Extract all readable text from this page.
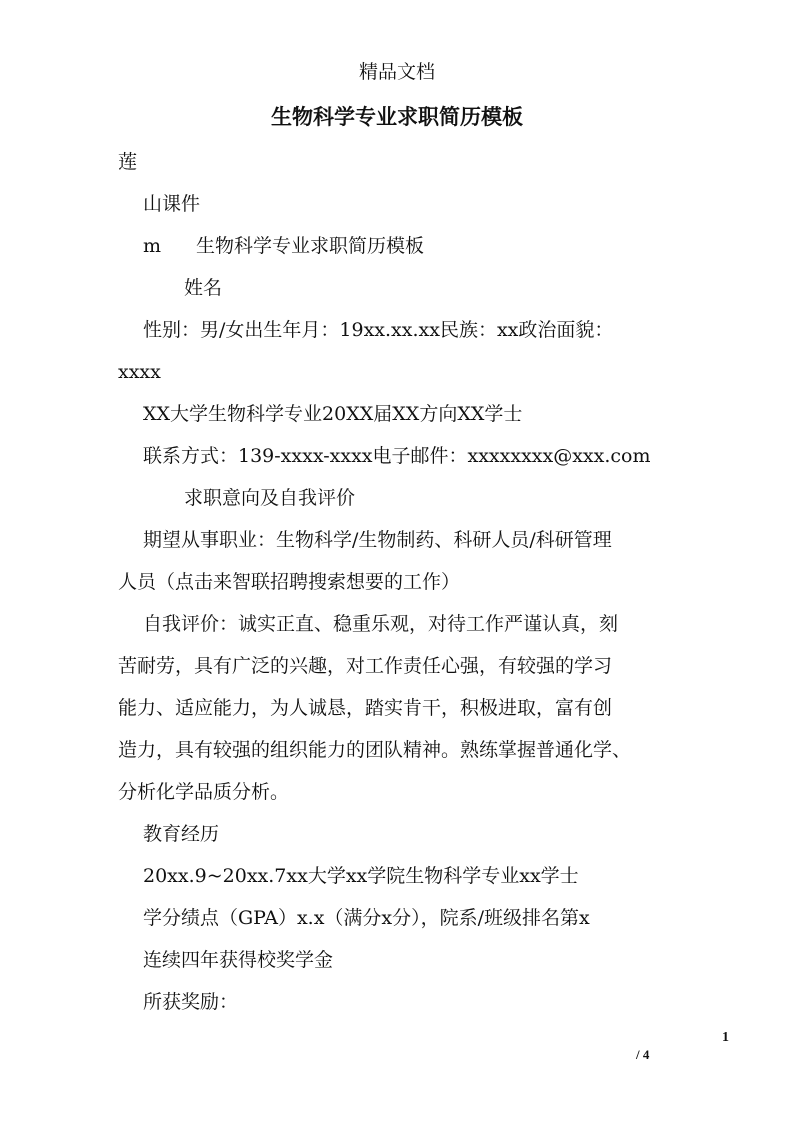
精品文档
生物科学专业求职简历模板
莲
山课件
m 生物科学专业求职简历模板
姓名
性别：男/女出生年月：19xx.xx.xx民族：xx政治面貌：
xxxx
XX大学生物科学专业20XX届XX方向XX学士
联系方式：139-xxxx-xxxx电子邮件：xxxxxxxx@xxx.com
求职意向及自我评价
期望从事职业：生物科学/生物制药、科研人员/科研管理
人员（点击来智联招聘搜索想要的工作）
自我评价：诚实正直、稳重乐观，对待工作严谨认真，刻
苦耐劳，具有广泛的兴趣，对工作责任心强，有较强的学习
能力、适应能力，为人诚恳，踏实肯干，积极进取，富有创
造力，具有较强的组织能力的团队精神。熟练掌握普通化学、
分析化学品质分析。
教育经历
20xx.9~20xx.7xx大学xx学院生物科学专业xx学士
学分绩点（GPA）x.x（满分x分），院系/班级排名第x
连续四年获得校奖学金
所获奖励：
1
/ 4
